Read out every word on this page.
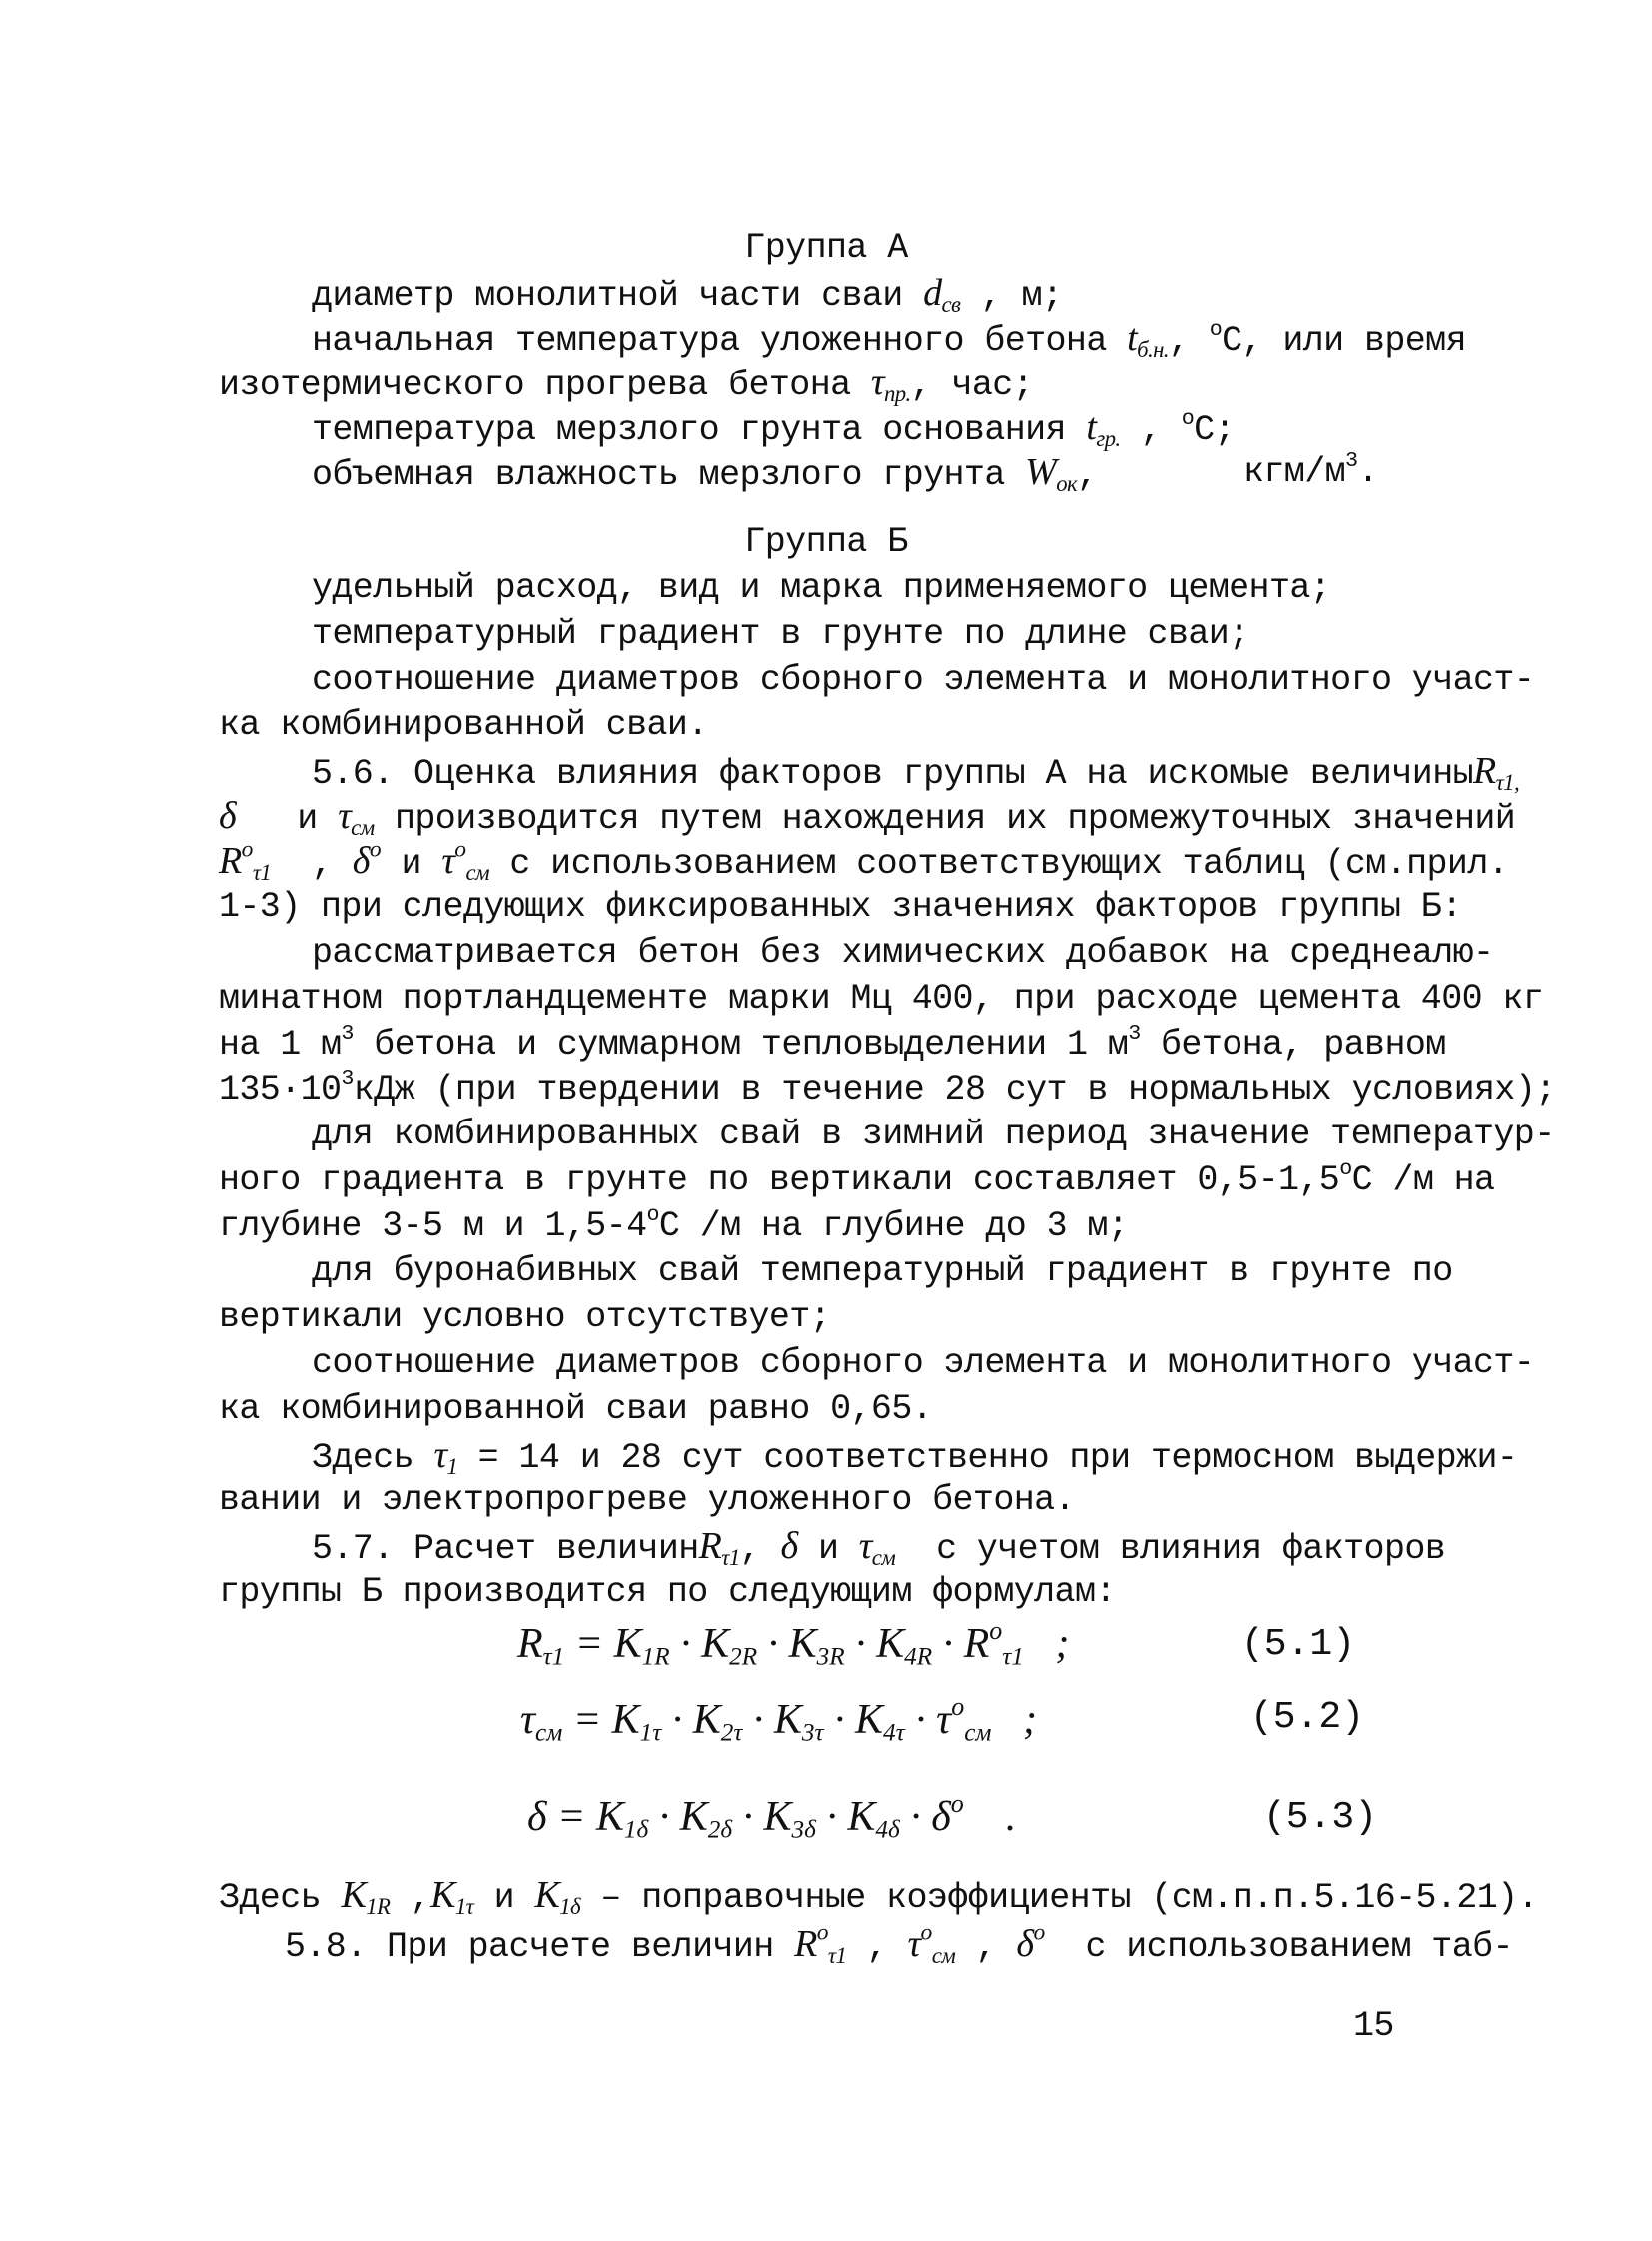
Группа А
диаметр монолитной части сваи $d_{св}$ , м;
начальная температура уложенного бетона $t_{б.н.}$, $^o$С, или время
изотермического прогрева бетона $\tau_{пр.}$, час;
температура мерзлого грунта основания $t_{гр.}$ , $^o$С;
объемная влажность мерзлого грунта $W_{ок}$,	кгм/$м^3$.
Группа Б
удельный расход, вид и марка применяемого цемента;
температурный градиент в грунте по длине сваи;
соотношение диаметров сборного элемента и монолитного участ-
ка комбинированной сваи.
5.6. Оценка влияния факторов группы А на искомые величиныR$_{\tau 1,}$
δ и $\tau_{см}$ производится путем нахождения их промежуточных значений
$R^o_{\tau 1}$ , $\delta^o$ и $\tau^o_{см}$ с использованием соответствующих таблиц (см.прил.
1-3) при следующих фиксированных значениях факторов группы Б:
рассматривается бетон без химических добавок на среднеалю-
минатном портландцементе марки Мц 400, при расходе цемента 400 кг
на 1 $м^3$ бетона и суммарном тепловыделении 1 $м^3$ бетона, равном
$135\cdot 10^3кДж$ (при твердении в течение 28 сут в нормальных условиях);
для комбинированных свай в зимний период значение температур-
ного градиента в грунте по вертикали составляет 0,5-1,5$^o$С /м на
глубине 3-5 м и 1,5-4$^o$С /м на глубине до 3 м;
для буронабивных свай температурный градиент в грунте по
вертикали условно отсутствует;
соотношение диаметров сборного элемента и монолитного участ-
ка комбинированной сваи равно 0,65.
Здесь $\tau_1 = 14$ и 28 сут соответственно при термосном выдержи-
вании и электропрогреве уложенного бетона.
5.7. Расчет величинR$_{\tau 1}$, δ и $\tau_{см}$ с учетом влияния факторов
группы Б производится по следующим формулам:
$R_{\tau 1} = K_{1R} \cdot K_{2R} \cdot K_{3R} \cdot K_{4R} \cdot R^o_{\tau 1}$ ;	(5.1)
$\tau_{см} = K_{1\tau} \cdot K_{2\tau} \cdot K_{3\tau} \cdot K_{4\tau} \cdot \tau^o_{см}$ ;	(5.2)
$\delta = K_{1\delta} \cdot K_{2\delta} \cdot K_{3\delta} \cdot K_{4\delta} \cdot \delta^o$ .	(5.3)
Здесь $K_{1R}$ $,K_{1\tau}$ и $K_{1\delta}$ – поправочные коэффициенты (см.п.п.5.16-5.21).
5.8. При расчете величин $R^o_{\tau 1}$ , $\tau^o_{см}$ , $\delta^o$ с использованием таб-
15
